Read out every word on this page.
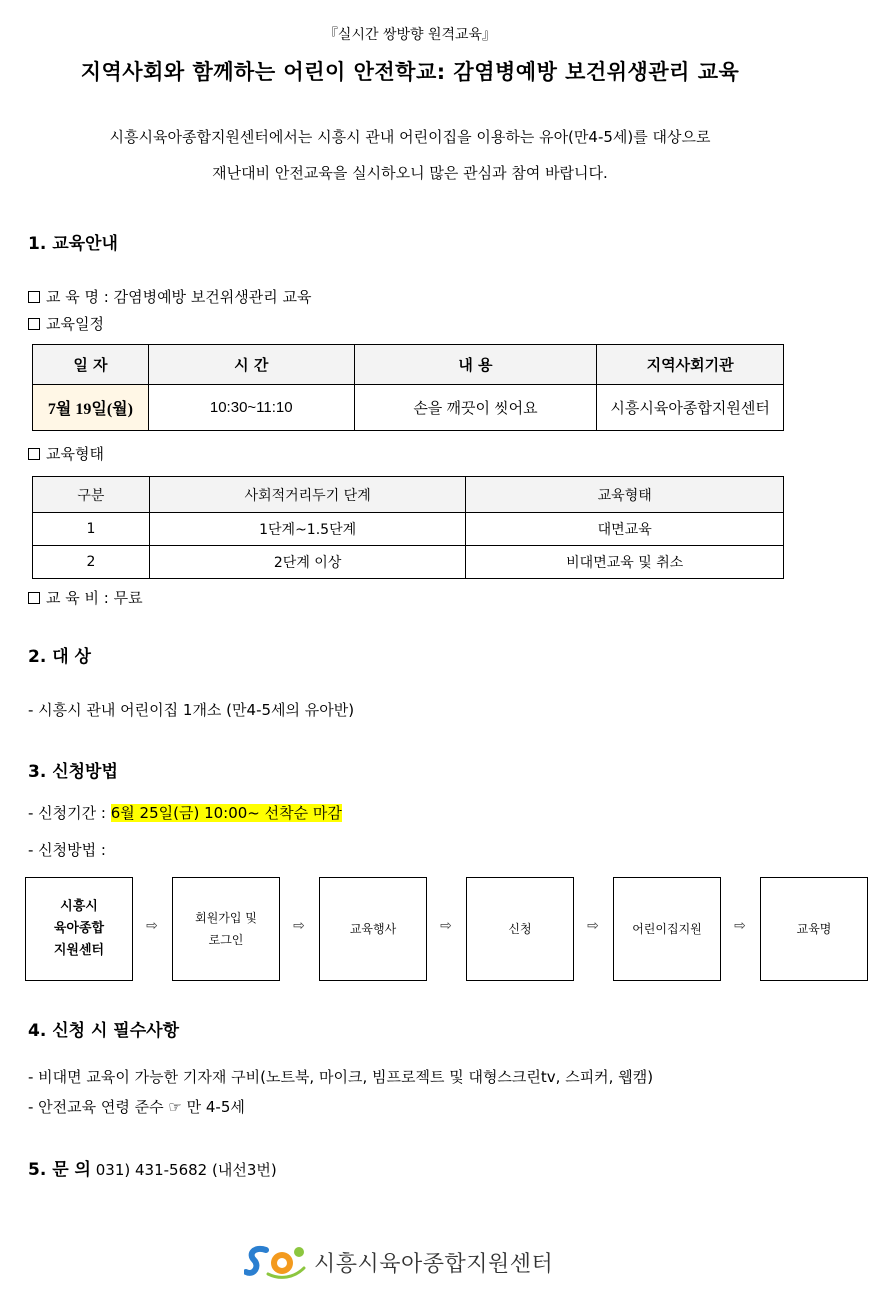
『실시간 쌍방향 원격교육』
지역사회와 함께하는 어린이 안전학교: 감염병예방 보건위생관리 교육
시흥시육아종합지원센터에서는 시흥시 관내 어린이집을 이용하는 유아(만4-5세)를 대상으로
재난대비 안전교육을 실시하오니 많은 관심과 참여 바랍니다.
1. 교육안내
교 육 명 : 감염병예방 보건위생관리 교육
교육일정
일 자	시 간	내 용	지역사회기관
7월 19일(월)	10:30~11:10	손을 깨끗이 씻어요	시흥시육아종합지원센터
교육형태
구분	사회적거리두기 단계	교육형태
1	1단계~1.5단계	대면교육
2	2단계 이상	비대면교육 및 취소
교 육 비 : 무료
2. 대 상
- 시흥시 관내 어린이집 1개소 (만4-5세의 유아반)
3. 신청방법
- 신청기간 : 6월 25일(금) 10:00~ 선착순 마감
- 신청방법 :
시흥시
육아종합
지원센터
⇨	회원가입 및
로그인
⇨	교육행사	⇨	신청	⇨	어린이집지원 ⇨	교육명
4. 신청 시 필수사항
- 비대면 교육이 가능한 기자재 구비(노트북, 마이크, 빔프로젝트 및 대형스크린tv, 스피커, 웹캠)
- 안전교육 연령 준수 ☞ 만 4-5세
5. 문 의 031) 431-5682 (내선3번)
시흥시육아종합지원센터
